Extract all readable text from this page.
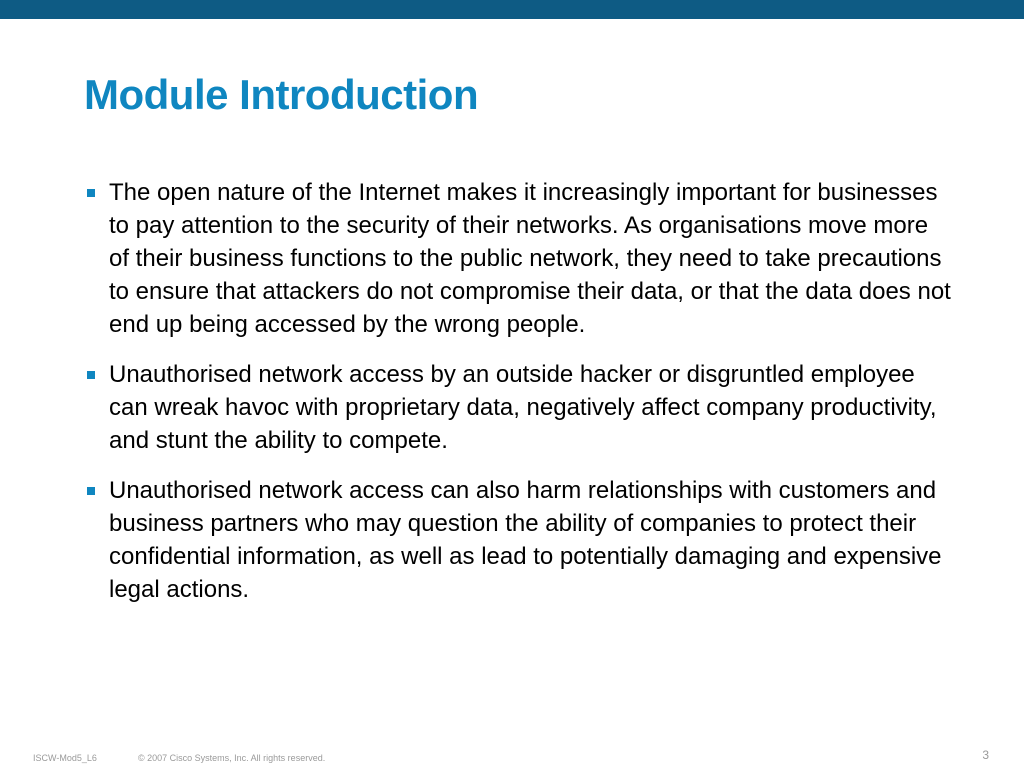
Module Introduction
The open nature of the Internet makes it increasingly important for businesses to pay attention to the security of their networks. As organisations move more of their business functions to the public network, they need to take precautions to ensure that attackers do not compromise their data, or that the data does not end up being accessed by the wrong people.
Unauthorised network access by an outside hacker or disgruntled employee can wreak havoc with proprietary data, negatively affect company productivity, and stunt the ability to compete.
Unauthorised network access can also harm relationships with customers and business partners who may question the ability of companies to protect their confidential information, as well as lead to potentially damaging and expensive legal actions.
ISCW-Mod5_L6	© 2007 Cisco Systems, Inc. All rights reserved.	3
